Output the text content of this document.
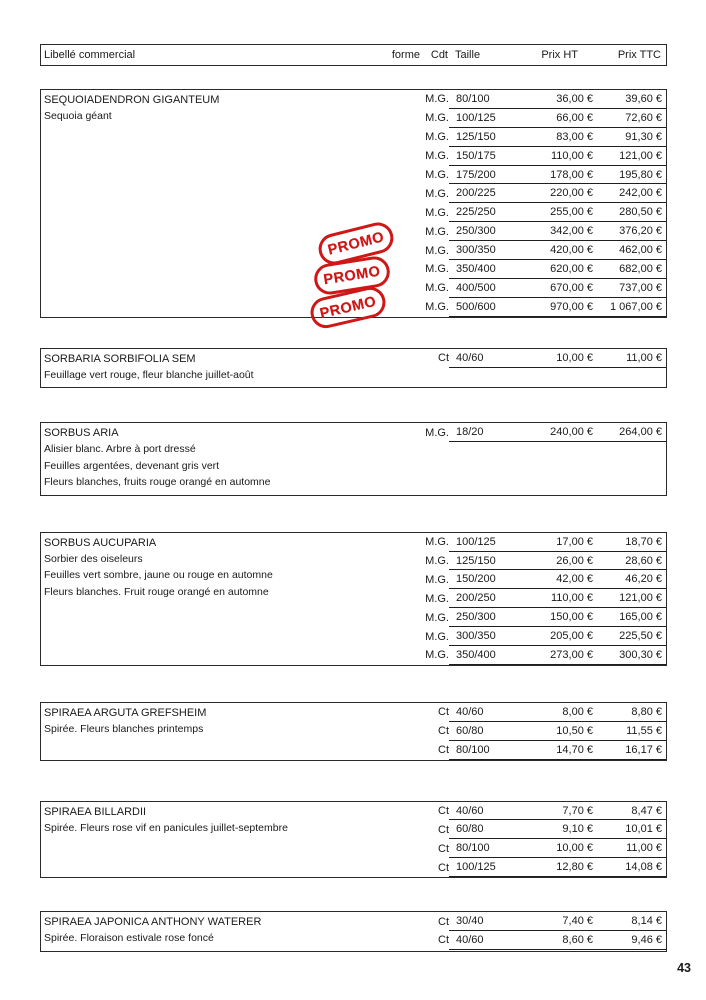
Libellé commercial	forme Cdt Taille	Prix HT	Prix TTC
SEQUOIADENDRON GIGANTEUM
Sequoia géant
M.G. 80/100	36,00 €	39,60 €
M.G. 100/125	66,00 €	72,60 €
M.G. 125/150	83,00 €	91,30 €
M.G. 150/175	110,00 €	121,00 €
M.G. 175/200	178,00 €	195,80 €
M.G. 200/225	220,00 €	242,00 €
M.G. 225/250	255,00 €	280,50 €
M.G. 250/300	342,00 €	376,20 €
M.G. 300/350	420,00 €	462,00 €
M.G. 350/400	620,00 €	682,00 €
M.G. 400/500	670,00 €	737,00 €
M.G. 500/600	970,00 €	1 067,00 €
PROMO
PROMO
PROMO
SORBARIA SORBIFOLIA SEM
Feuillage vert rouge, fleur blanche juillet-août
Ct 40/60	10,00 €	11,00 €
SORBUS ARIA
Alisier blanc. Arbre à port dressé
Feuilles argentées, devenant gris vert
Fleurs blanches, fruits rouge orangé en automne
M.G. 18/20	240,00 €	264,00 €
SORBUS AUCUPARIA
Sorbier des oiseleurs
Feuilles vert sombre, jaune ou rouge en automne
Fleurs blanches. Fruit rouge orangé en automne
M.G. 100/125	17,00 €	18,70 €
M.G. 125/150	26,00 €	28,60 €
M.G. 150/200	42,00 €	46,20 €
M.G. 200/250	110,00 €	121,00 €
M.G. 250/300	150,00 €	165,00 €
M.G. 300/350	205,00 €	225,50 €
M.G. 350/400	273,00 €	300,30 €
SPIRAEA ARGUTA GREFSHEIM
Spirée. Fleurs blanches printemps
Ct 40/60	8,00 €	8,80 €
Ct 60/80	10,50 €	11,55 €
Ct 80/100	14,70 €	16,17 €
SPIRAEA BILLARDII
Spirée. Fleurs rose vif en panicules juillet-septembre
Ct 40/60	7,70 €	8,47 €
Ct 60/80	9,10 €	10,01 €
Ct 80/100	10,00 €	11,00 €
Ct 100/125	12,80 €	14,08 €
SPIRAEA JAPONICA ANTHONY WATERER
Spirée. Floraison estivale rose foncé
Ct 30/40	7,40 €	8,14 €
Ct 40/60	8,60 €	9,46 €
43
